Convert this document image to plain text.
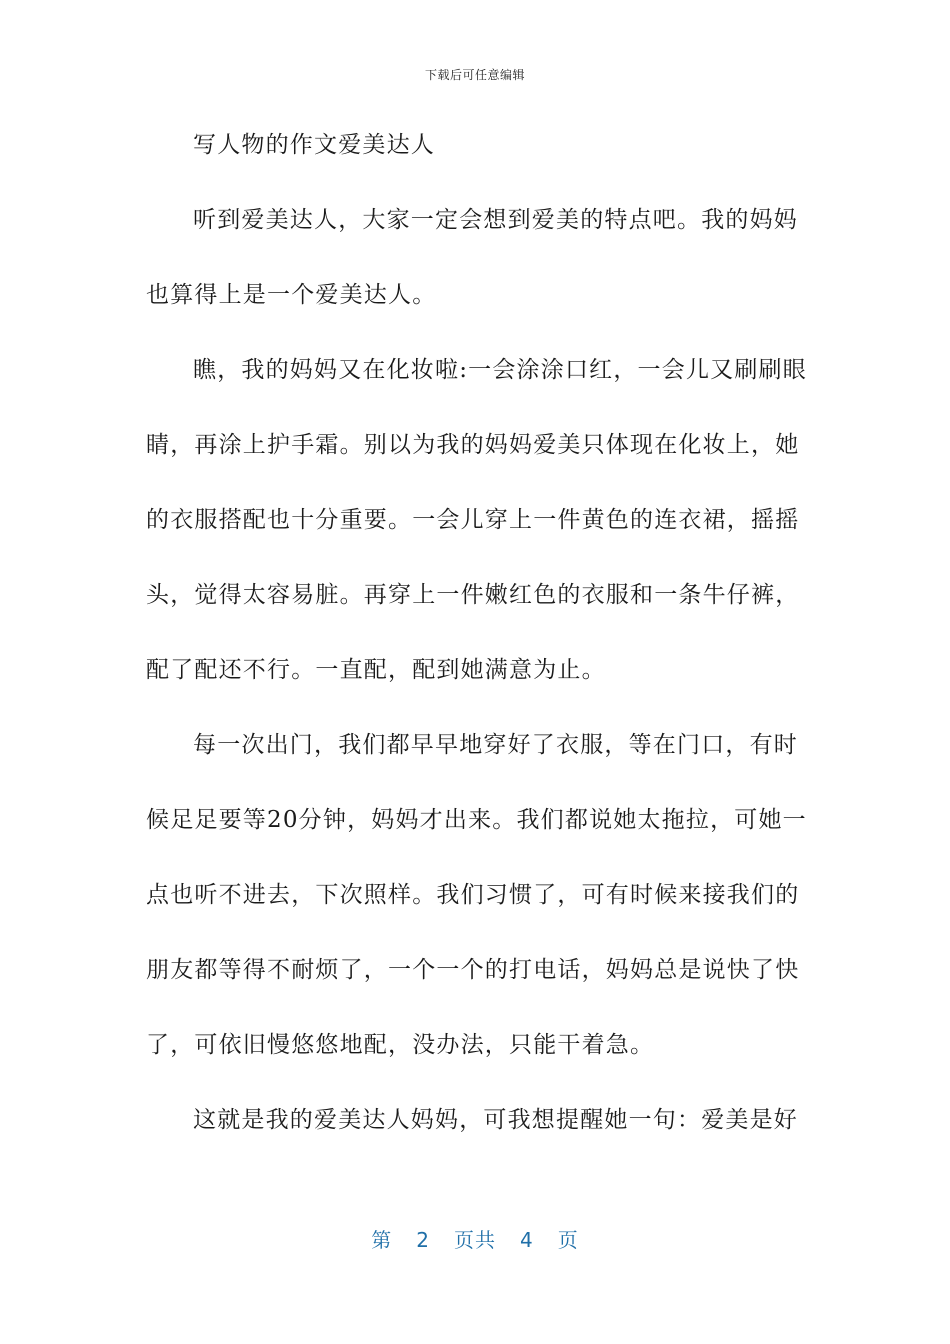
下载后可任意编辑
写人物的作文爱美达人
听到爱美达人，大家一定会想到爱美的特点吧。我的妈妈
也算得上是一个爱美达人。
瞧，我的妈妈又在化妆啦:一会涂涂口红，一会儿又刷刷眼
睛，再涂上护手霜。别以为我的妈妈爱美只体现在化妆上，她
的衣服搭配也十分重要。一会儿穿上一件黄色的连衣裙，摇摇
头，觉得太容易脏。再穿上一件嫩红色的衣服和一条牛仔裤，
配了配还不行。一直配，配到她满意为止。
每一次出门，我们都早早地穿好了衣服，等在门口，有时
候足足要等20分钟，妈妈才出来。我们都说她太拖拉，可她一
点也听不进去，下次照样。我们习惯了，可有时候来接我们的
朋友都等得不耐烦了，一个一个的打电话，妈妈总是说快了快
了，可依旧慢悠悠地配，没办法，只能干着急。
这就是我的爱美达人妈妈，可我想提醒她一句：爱美是好
第 2 页共 4 页
